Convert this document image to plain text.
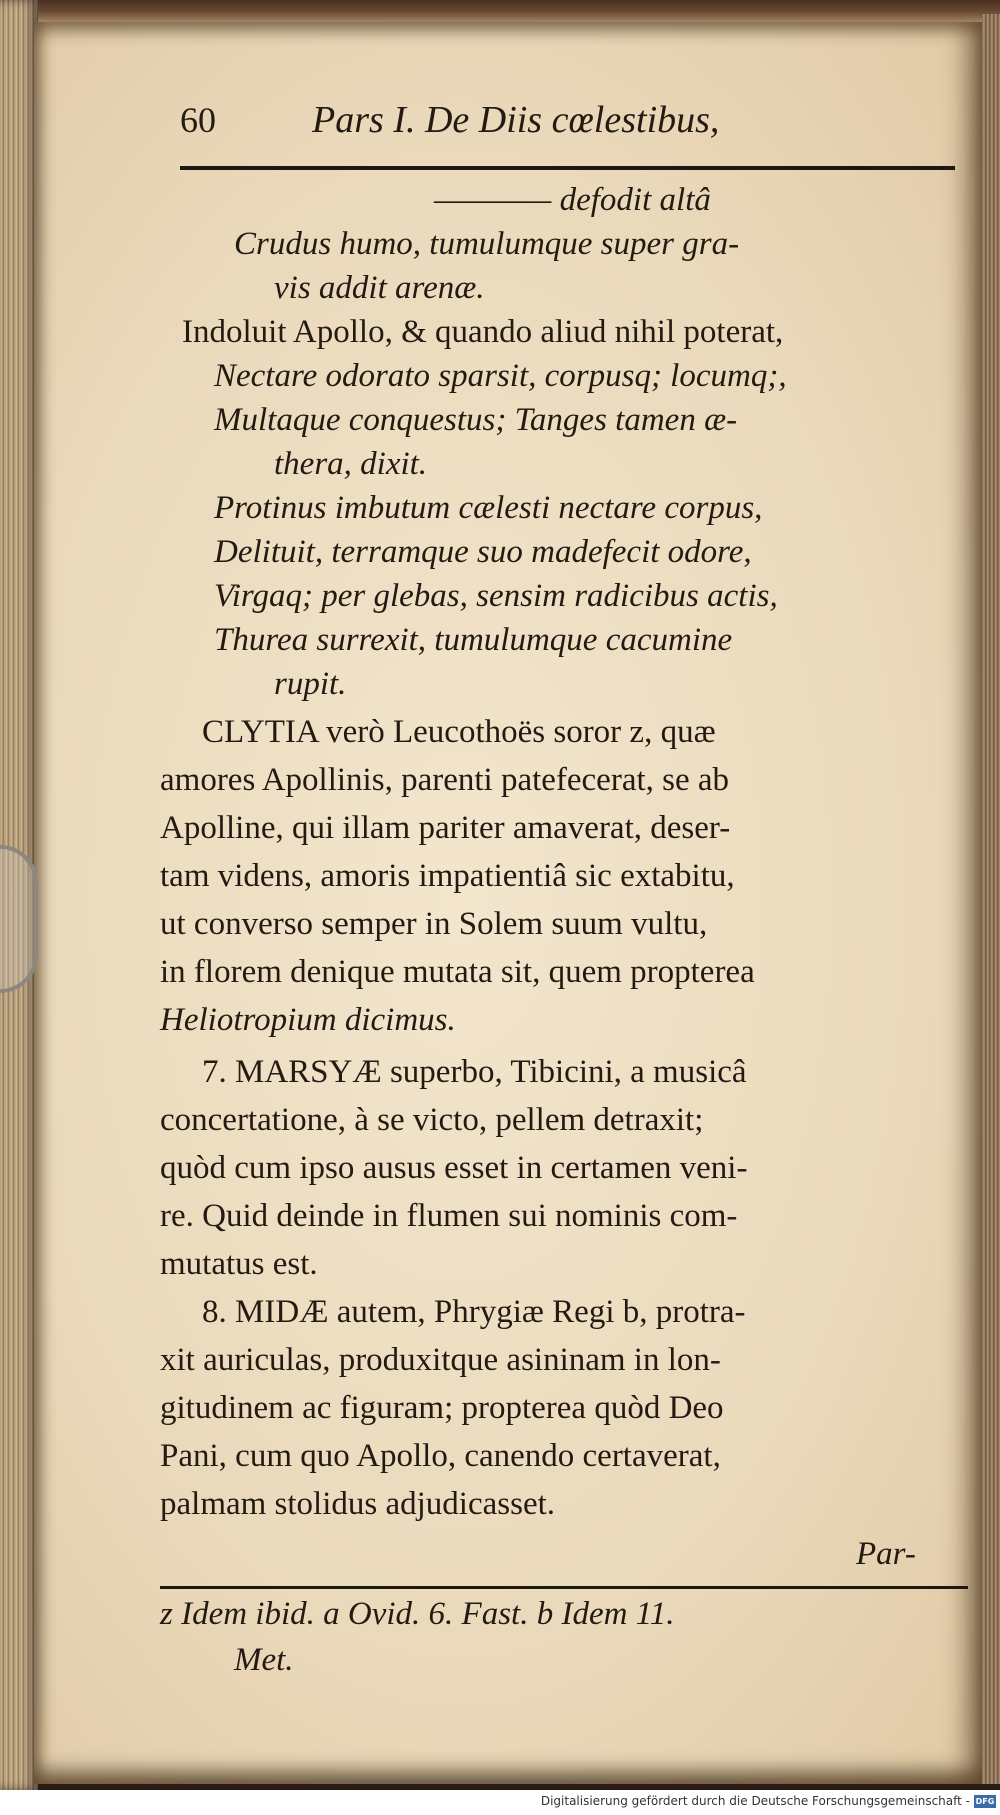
60	Pars I. De Diis cœlestibus,
———— defodit altâ
Crudus humo, tumulumque super gra-
vis addit arenæ.
Indoluit Apollo, & quando aliud nihil poterat,
Nectare odorato sparsit, corpusq; locumq;,
Multaque conquestus; Tanges tamen æ-
thera, dixit.
Protinus imbutum cælesti nectare corpus,
Delituit, terramque suo madefecit odore,
Virgaq; per glebas, sensim radicibus actis,
Thurea surrexit, tumulumque cacumine
rupit.
CLYTIA verò Leucothoës soror z, quæ
amores Apollinis, parenti patefecerat, se ab
Apolline, qui illam pariter amaverat, deser-
tam videns, amoris impatientiâ sic extabitu,
ut converso semper in Solem suum vultu,
in florem denique mutata sit, quem propterea
Heliotropium dicimus.
7. MARSYÆ superbo, Tibicini, a musicâ
concertatione, à se victo, pellem detraxit;
quòd cum ipso ausus esset in certamen veni-
re. Quid deinde in flumen sui nominis com-
mutatus est.
8. MIDÆ autem, Phrygiæ Regi b, protra-
xit auriculas, produxitque asininam in lon-
gitudinem ac figuram; propterea quòd Deo
Pani, cum quo Apollo, canendo certaverat,
palmam stolidus adjudicasset.
Par-
z Idem ibid. a Ovid. 6. Fast. b Idem 11.
Met.
Digitalisierung gefördert durch die Deutsche Forschungsgemeinschaft - DFG
